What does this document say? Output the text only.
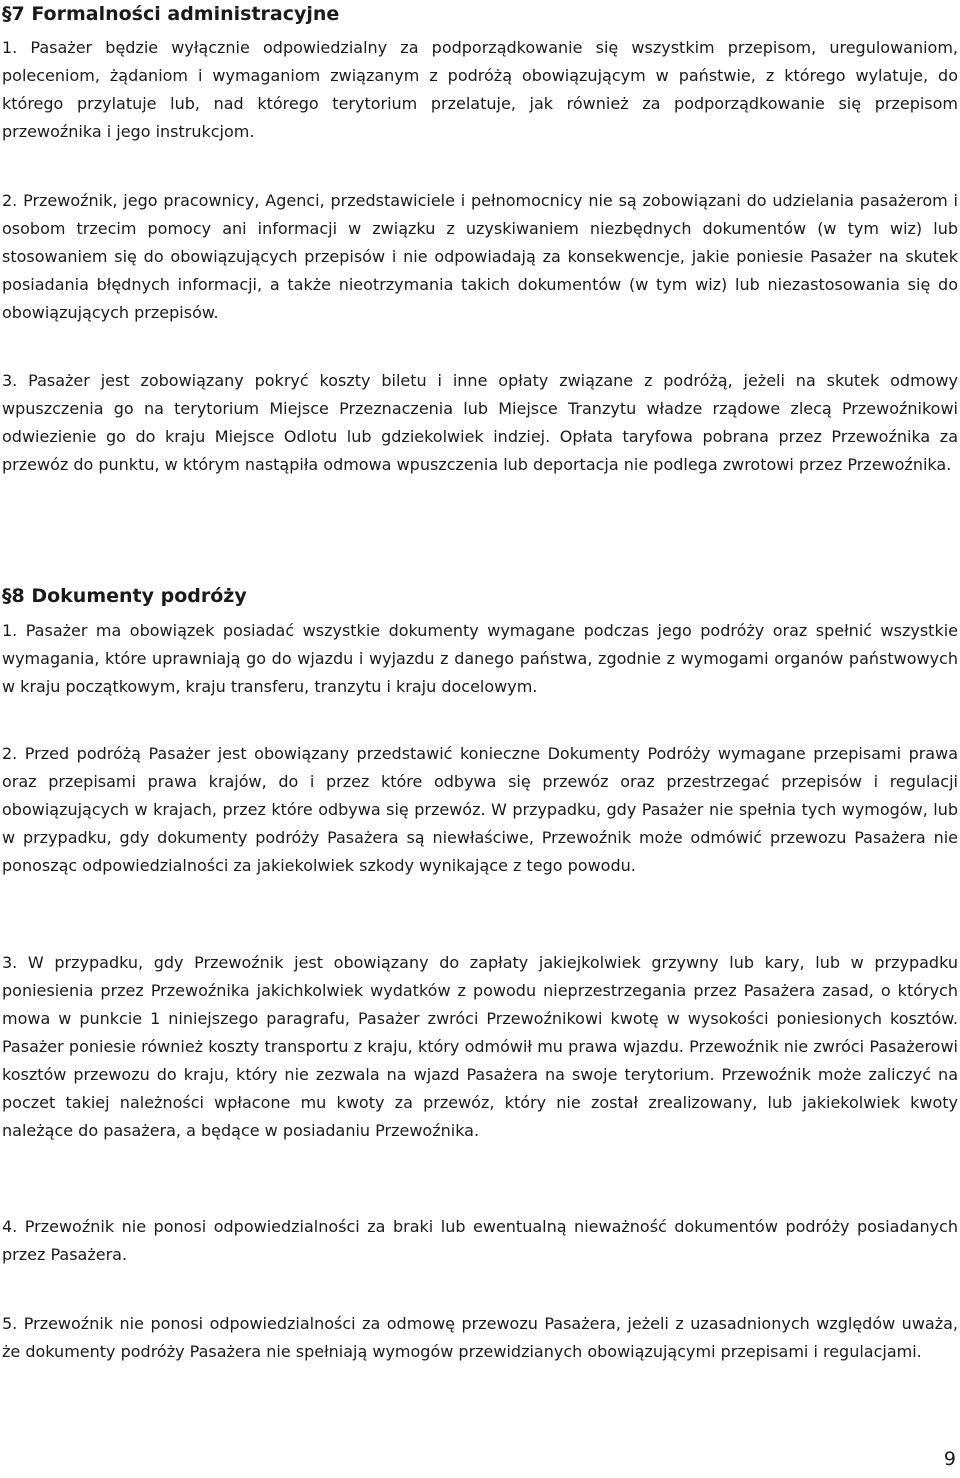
§7 Formalności administracyjne

1. Pasażer będzie wyłącznie odpowiedzialny za podporządkowanie się wszystkim przepisom, uregulowaniom, poleceniom, żądaniom i wymaganiom związanym z podróżą obowiązującym w państwie, z którego wylatuje, do którego przylatuje lub, nad którego terytorium przelatuje, jak również za podporządkowanie się przepisom przewoźnika i jego instrukcjom.

2. Przewoźnik, jego pracownicy, Agenci, przedstawiciele i pełnomocnicy nie są zobowiązani do udzielania pasażerom i osobom trzecim pomocy ani informacji w związku z uzyskiwaniem niezbędnych dokumentów (w tym wiz) lub stosowaniem się do obowiązujących przepisów i nie odpowiadają za konsekwencje, jakie poniesie Pasażer na skutek posiadania błędnych informacji, a także nieotrzymania takich dokumentów (w tym wiz) lub niezastosowania się do obowiązujących przepisów.

3. Pasażer jest zobowiązany pokryć koszty biletu i inne opłaty związane z podróżą, jeżeli na skutek odmowy wpuszczenia go na terytorium Miejsce Przeznaczenia lub Miejsce Tranzytu władze rządowe zlecą Przewoźnikowi odwiezienie go do kraju Miejsce Odlotu lub gdziekolwiek indziej. Opłata taryfowa pobrana przez Przewoźnika za przewóz do punktu, w którym nastąpiła odmowa wpuszczenia lub deportacja nie podlega zwrotowi przez Przewoźnika.

§8 Dokumenty podróży

1. Pasażer ma obowiązek posiadać wszystkie dokumenty wymagane podczas jego podróży oraz spełnić wszystkie wymagania, które uprawniają go do wjazdu i wyjazdu z danego państwa, zgodnie z wymogami organów państwowych w kraju początkowym, kraju transferu, tranzytu i kraju docelowym.

2. Przed podróżą Pasażer jest obowiązany przedstawić konieczne Dokumenty Podróży wymagane przepisami prawa oraz przepisami prawa krajów, do i przez które odbywa się przewóz oraz przestrzegać przepisów i regulacji obowiązujących w krajach, przez które odbywa się przewóz. W przypadku, gdy Pasażer nie spełnia tych wymogów, lub w przypadku, gdy dokumenty podróży Pasażera są niewłaściwe, Przewoźnik może odmówić przewozu Pasażera nie ponosząc odpowiedzialności za jakiekolwiek szkody wynikające z tego powodu.

3. W przypadku, gdy Przewoźnik jest obowiązany do zapłaty jakiejkolwiek grzywny lub kary, lub w przypadku poniesienia przez Przewoźnika jakichkolwiek wydatków z powodu nieprzestrzegania przez Pasażera zasad, o których mowa w punkcie 1 niniejszego paragrafu, Pasażer zwróci Przewoźnikowi kwotę w wysokości poniesionych kosztów. Pasażer poniesie również koszty transportu z kraju, który odmówił mu prawa wjazdu. Przewoźnik nie zwróci Pasażerowi kosztów przewozu do kraju, który nie zezwala na wjazd Pasażera na swoje terytorium. Przewoźnik może zaliczyć na poczet takiej należności wpłacone mu kwoty za przewóz, który nie został zrealizowany, lub jakiekolwiek kwoty należące do pasażera, a będące w posiadaniu Przewoźnika.

4. Przewoźnik nie ponosi odpowiedzialności za braki lub ewentualną nieważność dokumentów podróży posiadanych przez Pasażera.

5. Przewoźnik nie ponosi odpowiedzialności za odmowę przewozu Pasażera, jeżeli z uzasadnionych względów uważa, że dokumenty podróży Pasażera nie spełniają wymogów przewidzianych obowiązującymi przepisami i regulacjami.

9
